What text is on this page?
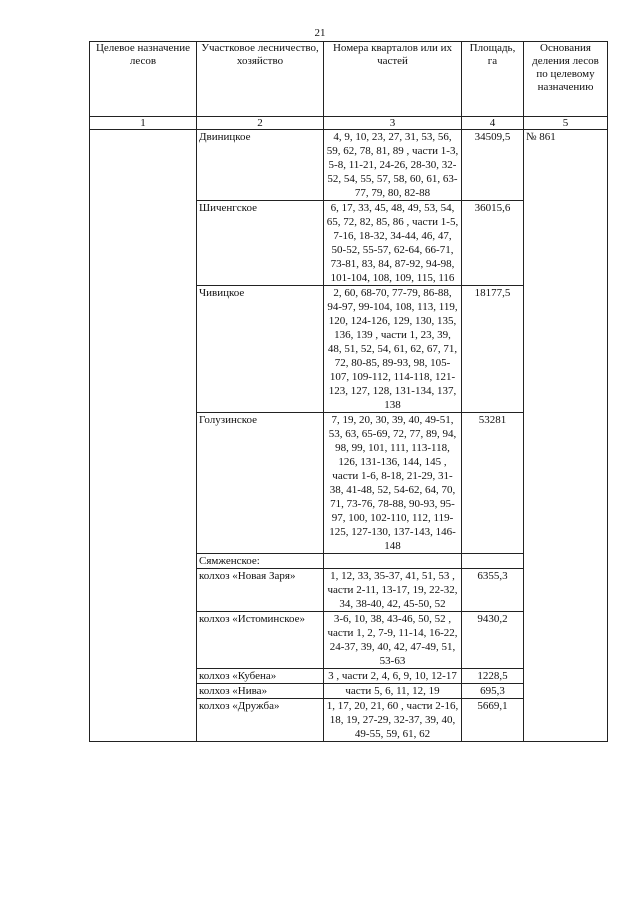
21
Целевое назначение лесов	Участковое лесничество, хозяйство	Номера кварталов или их частей	Площадь, га	Основания деления лесов по целевому назначению
1	2	3	4	5
	Двиницкое	4, 9, 10, 23, 27, 31, 53, 56, 59, 62, 78, 81, 89 , части 1-3, 5-8, 11-21, 24-26, 28-30, 32-52, 54, 55, 57, 58, 60, 61, 63-77, 79, 80, 82-88	34509,5	№ 861
	Шиченгское	6, 17, 33, 45, 48, 49, 53, 54, 65, 72, 82, 85, 86 , части 1-5, 7-16, 18-32, 34-44, 46, 47, 50-52, 55-57, 62-64, 66-71, 73-81, 83, 84, 87-92, 94-98, 101-104, 108, 109, 115, 116	36015,6	
	Чивицкое	2, 60, 68-70, 77-79, 86-88, 94-97, 99-104, 108, 113, 119, 120, 124-126, 129, 130, 135, 136, 139 , части 1, 23, 39, 48, 51, 52, 54, 61, 62, 67, 71, 72, 80-85, 89-93, 98, 105-107, 109-112, 114-118, 121-123, 127, 128, 131-134, 137, 138	18177,5	
	Голузинское	7, 19, 20, 30, 39, 40, 49-51, 53, 63, 65-69, 72, 77, 89, 94, 98, 99, 101, 111, 113-118, 126, 131-136, 144, 145 , части 1-6, 8-18, 21-29, 31-38, 41-48, 52, 54-62, 64, 70, 71, 73-76, 78-88, 90-93, 95-97, 100, 102-110, 112, 119-125, 127-130, 137-143, 146-148	53281	
	Сямженское:			
	колхоз «Новая Заря»	1, 12, 33, 35-37, 41, 51, 53 , части 2-11, 13-17, 19, 22-32, 34, 38-40, 42, 45-50, 52	6355,3	
	колхоз «Истоминское»	3-6, 10, 38, 43-46, 50, 52 , части 1, 2, 7-9, 11-14, 16-22, 24-37, 39, 40, 42, 47-49, 51, 53-63	9430,2	
	колхоз «Кубена»	3 , части 2, 4, 6, 9, 10, 12-17	1228,5	
	колхоз «Нива»	части 5, 6, 11, 12, 19	695,3	
	колхоз «Дружба»	1, 17, 20, 21, 60 , части 2-16, 18, 19, 27-29, 32-37, 39, 40, 49-55, 59, 61, 62	5669,1	
